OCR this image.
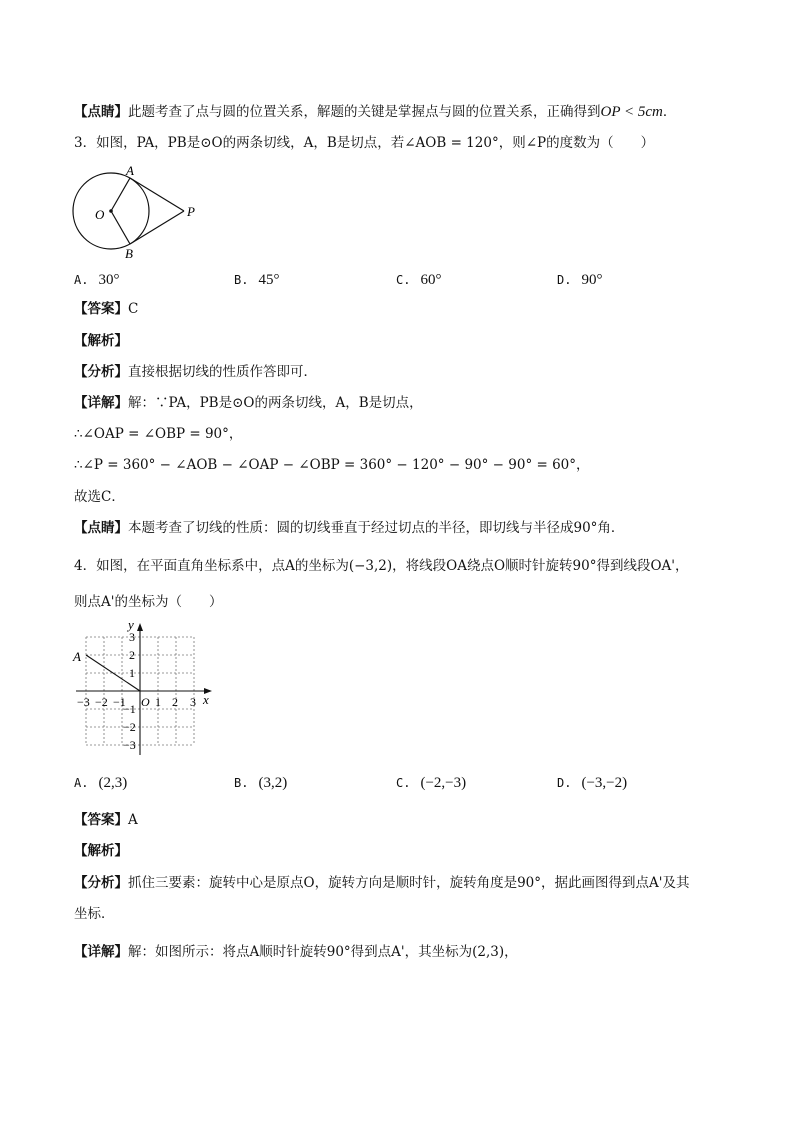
【点睛】此题考查了点与圆的位置关系，解题的关键是掌握点与圆的位置关系，正确得到OP < 5cm．
3．如图，PA，PB是⊙O的两条切线，A，B是切点，若∠AOB = 120°，则∠P的度数为（　　）
A
B
O	P
A. 30°	B. 45°	C. 60°	D. 90°
【答案】C
【解析】
【分析】直接根据切线的性质作答即可．
【详解】解：∵PA，PB是⊙O的两条切线，A，B是切点，
∴∠OAP = ∠OBP = 90°，
∴∠P = 360° − ∠AOB − ∠OAP − ∠OBP = 360° − 120° − 90° − 90° = 60°，
故选C．
【点睛】本题考查了切线的性质：圆的切线垂直于经过切点的半径，即切线与半径成90°角．
4．如图，在平面直角坐标系中，点A的坐标为(−3,2)，将线段OA绕点O顺时针旋转90°得到线段OA'，
则点A'的坐标为（　　）
y
x
A
O
−3 −2 −1 1 2 3
3
2
1
−1
−2
−3
A. (2,3)	B. (3,2)	C. (−2,−3)	D. (−3,−2)
【答案】A
【解析】
【分析】抓住三要素：旋转中心是原点O，旋转方向是顺时针，旋转角度是90°，据此画图得到点A'及其
坐标．
【详解】解：如图所示：将点A顺时针旋转90°得到点A'，其坐标为(2,3)，
